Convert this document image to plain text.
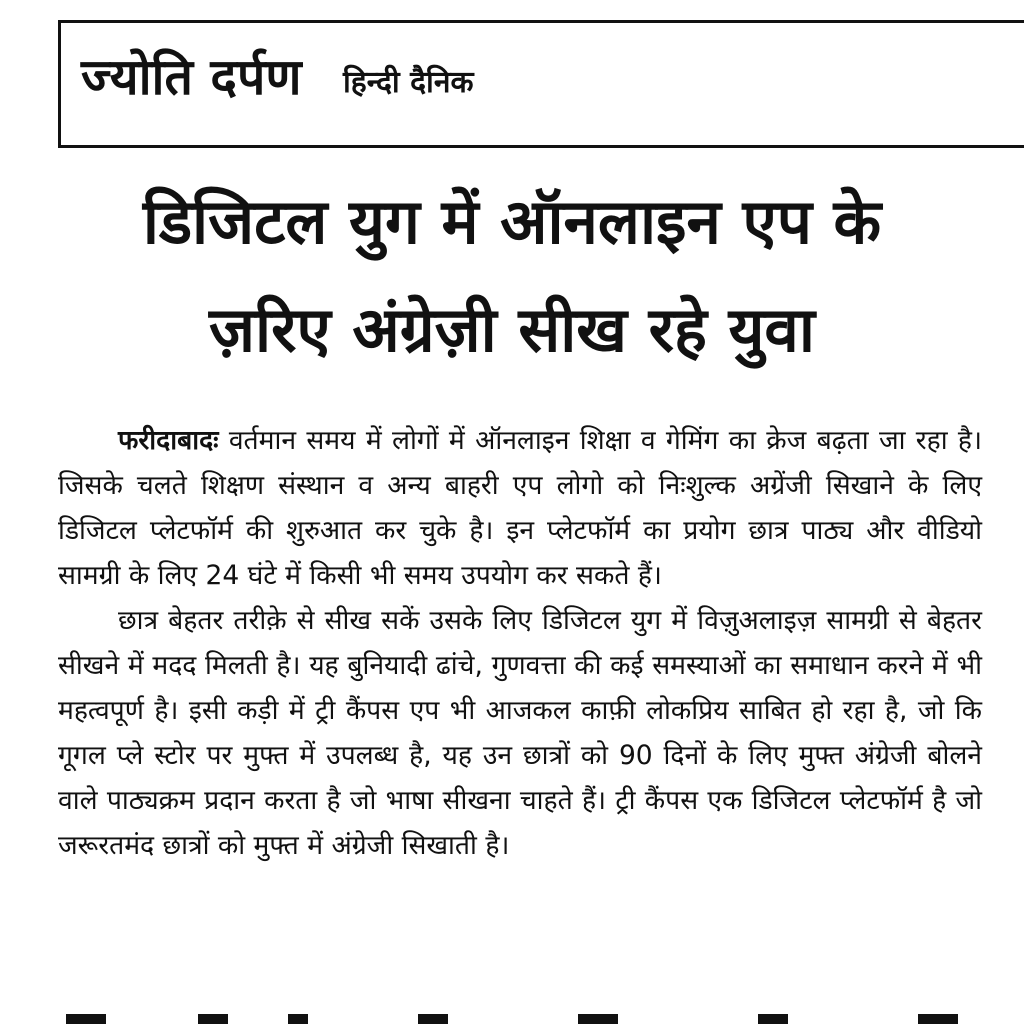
ज्योति दर्पण हिन्दी दैनिक
डिजिटल युग में ऑनलाइन एप के
ज़रिए अंग्रेज़ी सीख रहे युवा

फरीदाबादः वर्तमान समय में लोगों में ऑनलाइन शिक्षा व गेमिंग का क्रेज बढ़ता जा रहा है। जिसके चलते शिक्षण संस्थान व अन्य बाहरी एप लोगो को निःशुल्क अग्रेंजी सिखाने के लिए डिजिटल प्लेटफॉर्म की शुरुआत कर चुके है। इन प्लेटफॉर्म का प्रयोग छात्र पाठ्य और वीडियो सामग्री के लिए 24 घंटे में किसी भी समय उपयोग कर सकते हैं।

छात्र बेहतर तरीक़े से सीख सकें उसके लिए डिजिटल युग में विज़ुअलाइज़ सामग्री से बेहतर सीखने में मदद मिलती है। यह बुनियादी ढांचे, गुणवत्ता की कई समस्याओं का समाधान करने में भी महत्वपूर्ण है। इसी कड़ी में ट्री कैंपस एप भी आजकल काफ़ी लोकप्रिय साबित हो रहा है, जो कि गूगल प्ले स्टोर पर मुफ्त में उपलब्ध है, यह उन छात्रों को 90 दिनों के लिए मुफ्त अंग्रेजी बोलने वाले पाठ्यक्रम प्रदान करता है जो भाषा सीखना चाहते हैं। ट्री कैंपस एक डिजिटल प्लेटफॉर्म है जो जरूरतमंद छात्रों को मुफ्त में अंग्रेजी सिखाती है।
